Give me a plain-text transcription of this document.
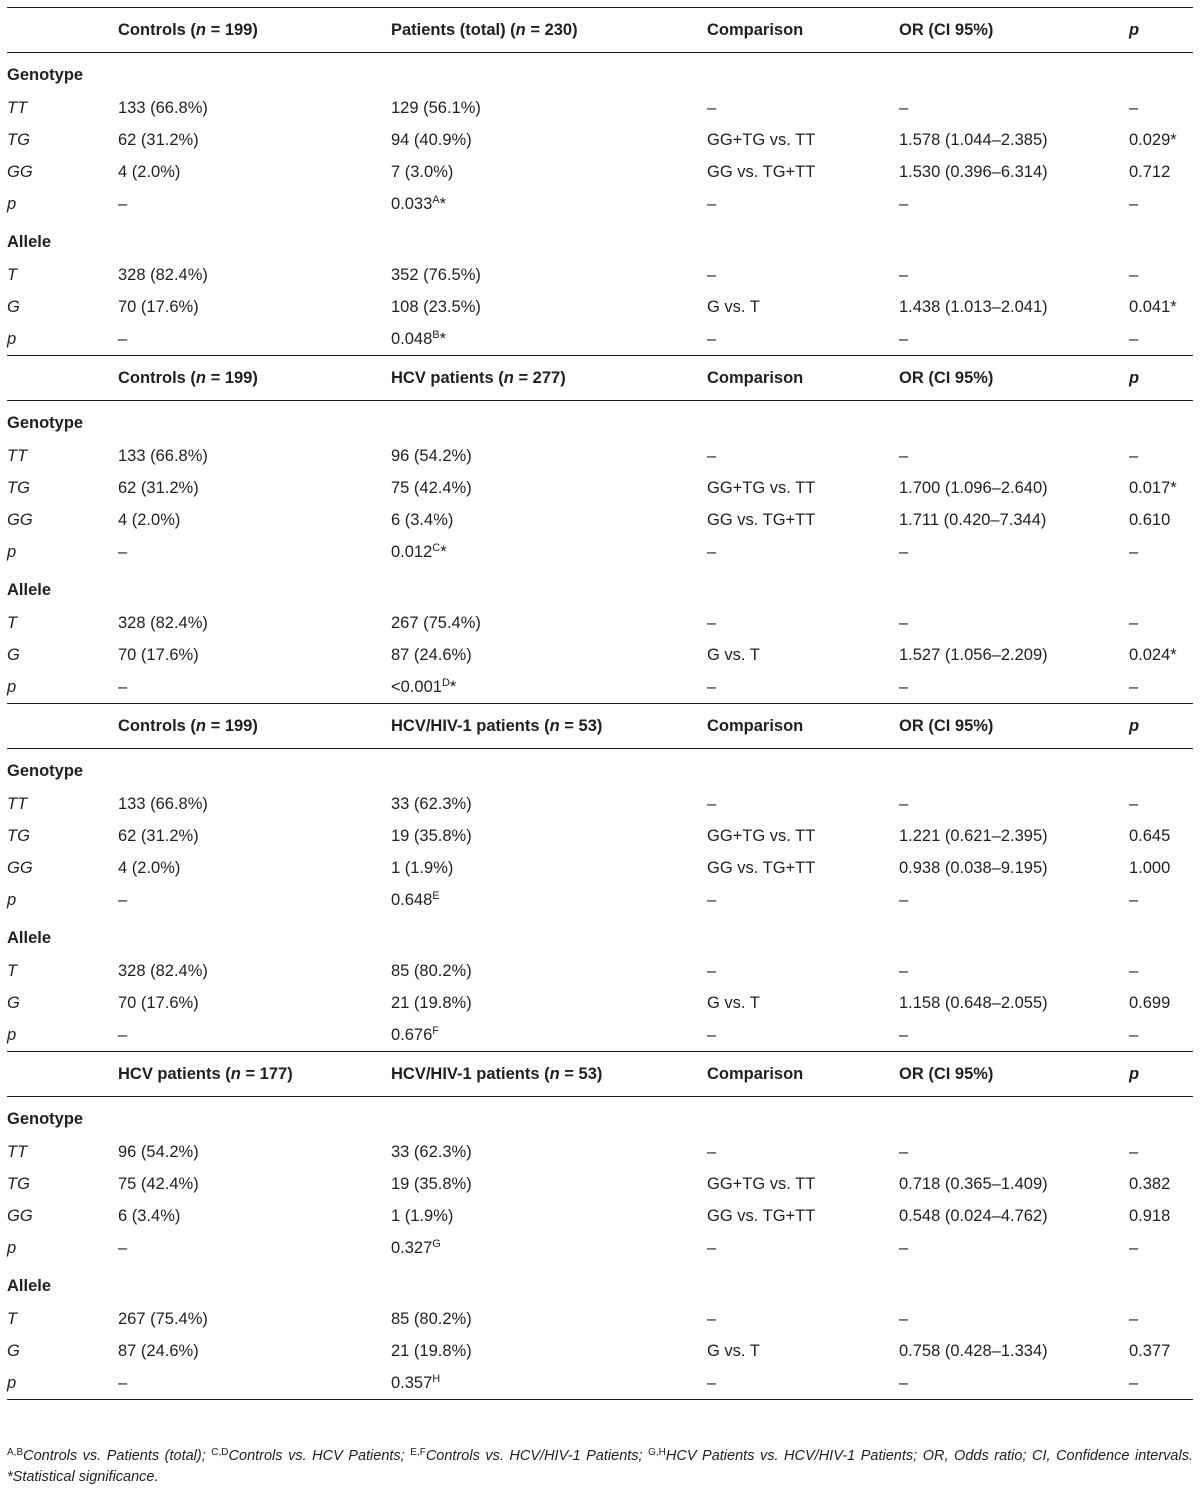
	Controls (n = 199)	Patients (total) (n = 230)	Comparison	OR (CI 95%)	p
Genotype					
TT	133 (66.8%)	129 (56.1%)	–	–	–
TG	62 (31.2%)	94 (40.9%)	GG+TG vs. TT	1.578 (1.044–2.385)	0.029*
GG	4 (2.0%)	7 (3.0%)	GG vs. TG+TT	1.530 (0.396–6.314)	0.712
p	–	$0.033^A*$	–	–	–
Allele					
T	328 (82.4%)	352 (76.5%)	–	–	–
G	70 (17.6%)	108 (23.5%)	G vs. T	1.438 (1.013–2.041)	0.041*
p	–	$0.048^B*$	–	–	–
	Controls (n = 199)	HCV patients (n = 277)	Comparison	OR (CI 95%)	p
Genotype					
TT	133 (66.8%)	96 (54.2%)	–	–	–
TG	62 (31.2%)	75 (42.4%)	GG+TG vs. TT	1.700 (1.096–2.640)	0.017*
GG	4 (2.0%)	6 (3.4%)	GG vs. TG+TT	1.711 (0.420–7.344)	0.610
p	–	$0.012^C*$	–	–	–
Allele					
T	328 (82.4%)	267 (75.4%)	–	–	–
G	70 (17.6%)	87 (24.6%)	G vs. T	1.527 (1.056–2.209)	0.024*
p	–	$<0.001^D*$	–	–	–
	Controls (n = 199)	HCV/HIV-1 patients (n = 53)	Comparison	OR (CI 95%)	p
Genotype					
TT	133 (66.8%)	33 (62.3%)	–	–	–
TG	62 (31.2%)	19 (35.8%)	GG+TG vs. TT	1.221 (0.621–2.395)	0.645
GG	4 (2.0%)	1 (1.9%)	GG vs. TG+TT	0.938 (0.038–9.195)	1.000
p	–	$0.648^E$	–	–	–
Allele					
T	328 (82.4%)	85 (80.2%)	–	–	–
G	70 (17.6%)	21 (19.8%)	G vs. T	1.158 (0.648–2.055)	0.699
p	–	$0.676^F$	–	–	–
	HCV patients (n = 177)	HCV/HIV-1 patients (n = 53)	Comparison	OR (CI 95%)	p
Genotype					
TT	96 (54.2%)	33 (62.3%)	–	–	–
TG	75 (42.4%)	19 (35.8%)	GG+TG vs. TT	0.718 (0.365–1.409)	0.382
GG	6 (3.4%)	1 (1.9%)	GG vs. TG+TT	0.548 (0.024–4.762)	0.918
p	–	$0.327^G$	–	–	–
Allele					
T	267 (75.4%)	85 (80.2%)	–	–	–
G	87 (24.6%)	21 (19.8%)	G vs. T	0.758 (0.428–1.334)	0.377
p	–	$0.357^H$	–	–	–
$^{A,B}$Controls vs. Patients (total); $^{C,D}$Controls vs. HCV Patients; $^{E,F}$Controls vs. HCV/HIV-1 Patients; $^{G,H}$HCV Patients vs. HCV/HIV-1 Patients; OR, Odds ratio; CI, Confidence intervals. *Statistical significance.
